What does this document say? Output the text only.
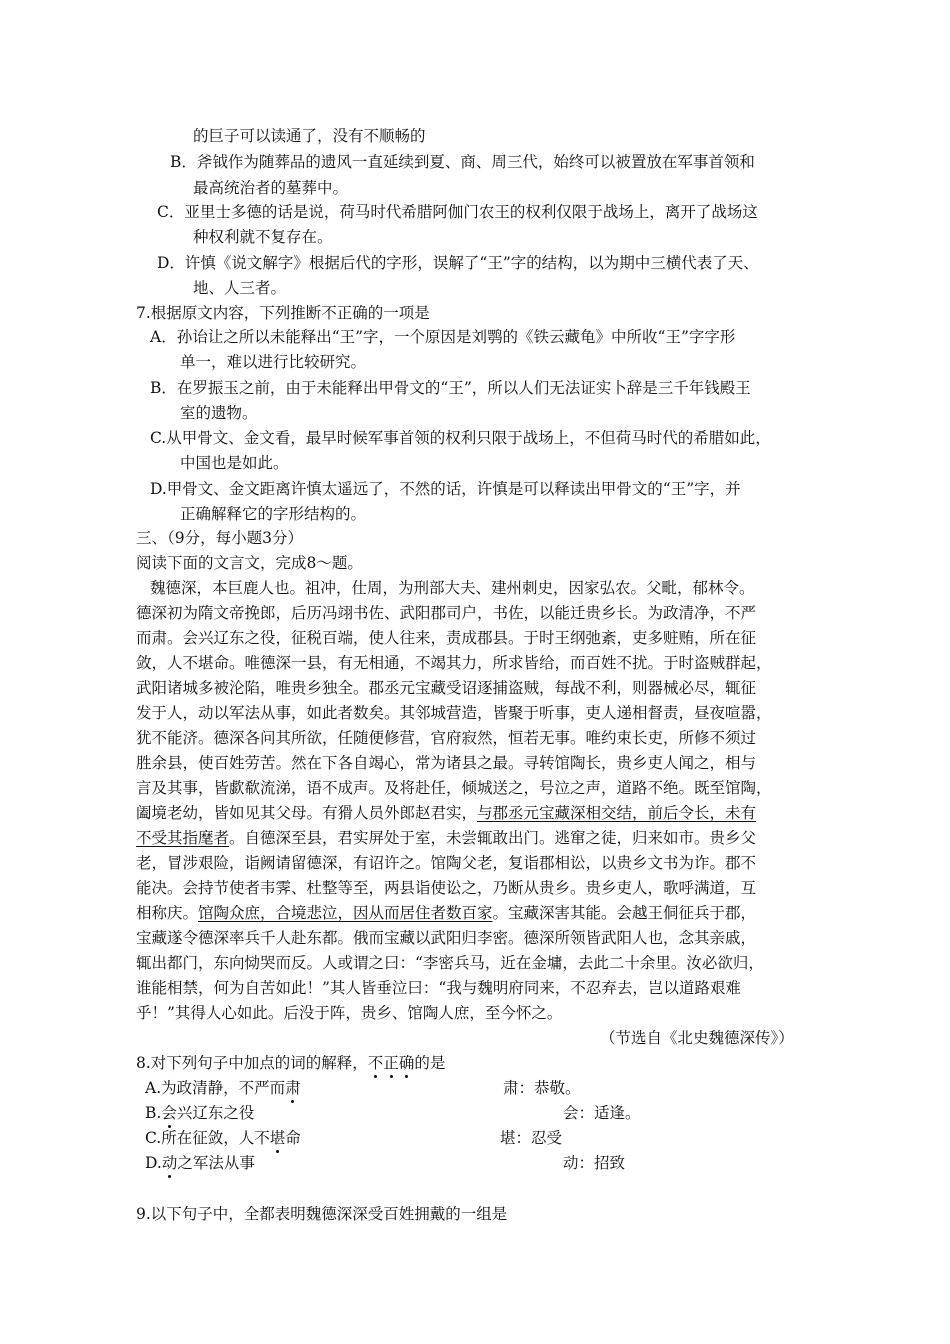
的巨子可以读通了，没有不顺畅的
B．斧钺作为随葬品的遗风一直延续到夏、商、周三代，始终可以被置放在军事首领和
最高统治者的墓葬中。
C．亚里士多德的话是说，荷马时代希腊阿伽门农王的权利仅限于战场上，离开了战场这
种权利就不复存在。
D．许慎《说文解字》根据后代的字形，误解了“王”字的结构，以为期中三横代表了天、
地、人三者。
7.根据原文内容，下列推断不正确的一项是
A．孙诒让之所以未能释出“王”字，一个原因是刘鹗的《铁云藏龟》中所收“王”字字形
单一，难以进行比较研究。
B．在罗振玉之前，由于未能释出甲骨文的“王”，所以人们无法证实卜辞是三千年钱殿王
室的遗物。
C.从甲骨文、金文看，最早时候军事首领的权利只限于战场上，不但荷马时代的希腊如此，
中国也是如此。
D.甲骨文、金文距离许慎太遥远了，不然的话，许慎是可以释读出甲骨文的“王”字，并
正确解释它的字形结构的。
三、（9分，每小题3分）
阅读下面的文言文，完成8～题。
魏德深，本巨鹿人也。祖冲，仕周，为刑部大夫、建州刺史，因家弘农。父毗，郁林令。
德深初为隋文帝挽郎，后历冯翊书佐、武阳郡司户，书佐，以能迁贵乡长。为政清净，不严
而肃。会兴辽东之役，征税百端，使人往来，责成郡县。于时王纲弛紊，吏多赃贿，所在征
敛，人不堪命。唯德深一县，有无相通，不竭其力，所求皆给，而百姓不扰。于时盗贼群起，
武阳诸城多被沦陷，唯贵乡独全。郡丞元宝藏受诏逐捕盗贼，每战不利，则器械必尽，辄征
发于人，动以军法从事，如此者数矣。其邻城营造，皆聚于听事，吏人递相督责，昼夜喧嚣，
犹不能济。德深各问其所欲，任随便修营，官府寂然，恒若无事。唯约束长吏，所修不须过
胜余县，使百姓劳苦。然在下各自竭心，常为诸县之最。寻转馆陶长，贵乡吏人闻之，相与
言及其事，皆歔欷流涕，语不成声。及将赴任，倾城送之，号泣之声，道路不绝。既至馆陶，
阖境老幼，皆如见其父母。有猾人员外郎赵君实，与郡丞元宝藏深相交结，前后令长，未有
不受其指麾者。自德深至县，君实屏处于室，未尝辄敢出门。逃窜之徒，归来如市。贵乡父
老，冒涉艰险，诣阙请留德深，有诏许之。馆陶父老，复诣郡相讼，以贵乡文书为诈。郡不
能决。会持节使者韦霁、杜整等至，两县诣使讼之，乃断从贵乡。贵乡吏人，歌呼满道，互
相称庆。馆陶众庶，合境悲泣，因从而居住者数百家。宝藏深害其能。会越王侗征兵于郡，
宝藏遂令德深率兵千人赴东都。俄而宝藏以武阳归李密。德深所领皆武阳人也，念其亲戚，
辄出都门，东向恸哭而反。人或谓之曰：“李密兵马，近在金墉，去此二十余里。汝必欲归，
谁能相禁，何为自苦如此！”其人皆垂泣曰：“我与魏明府同来，不忍弃去，岂以道路艰难
乎！”其得人心如此。后没于阵，贵乡、馆陶人庶，至今怀之。
（节选自《北史魏德深传》）
8.对下列句子中加点的词的解释，不正确的是
A.为政清静，不严而肃	肃：恭敬。
B.会兴辽东之役	会：适逢。
C.所在征敛，人不堪命	堪：忍受
D.动之军法从事	动：招致
9.以下句子中，全都表明魏德深深受百姓拥戴的一组是
